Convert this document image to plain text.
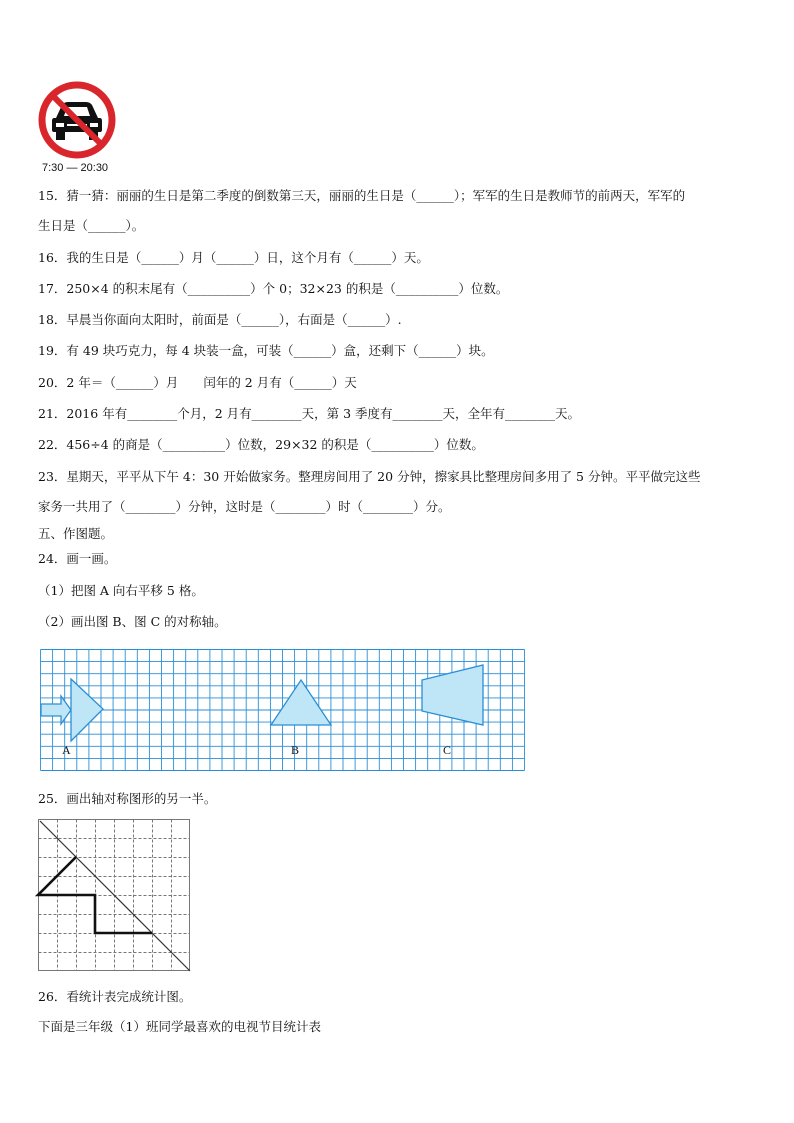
7:30 — 20:30
15．猜一猜：丽丽的生日是第二季度的倒数第三天，丽丽的生日是（______）；军军的生日是教师节的前两天，军军的
生日是（______）。
16．我的生日是（______）月（______）日，这个月有（______）天。
17．250×4 的积末尾有（__________）个 0；32×23 的积是（__________）位数。
18．早晨当你面向太阳时，前面是（______），右面是（______）.
19．有 49 块巧克力，每 4 块装一盒，可装（______）盒，还剩下（______）块。
20．2 年＝（______）月　　闰年的 2 月有（______）天
21．2016 年有________个月，2 月有________天，第 3 季度有________天，全年有________天。
22．456÷4 的商是（__________）位数，29×32 的积是（__________）位数。
23．星期天，平平从下午 4：30 开始做家务。整理房间用了 20 分钟，擦家具比整理房间多用了 5 分钟。平平做完这些
家务一共用了（________）分钟，这时是（________）时（________）分。
五、作图题。
24．画一画。
（1）把图 A 向右平移 5 格。
（2）画出图 B、图 C 的对称轴。
A	B	C
25．画出轴对称图形的另一半。
26．看统计表完成统计图。
下面是三年级（1）班同学最喜欢的电视节目统计表
